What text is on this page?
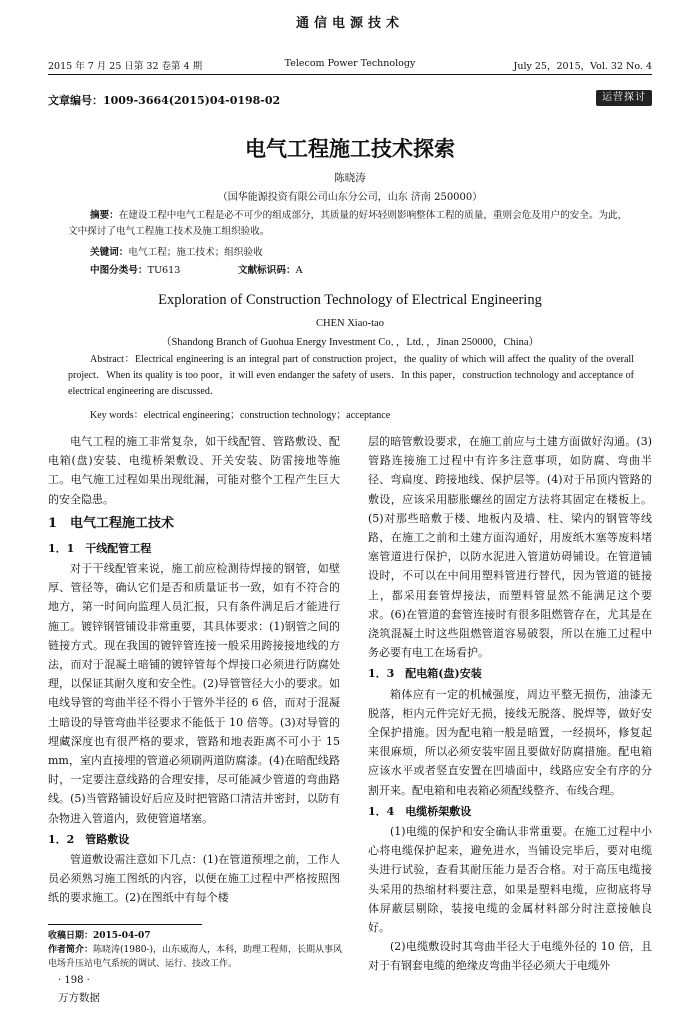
通信电源技术
2015 年 7 月 25 日第 32 卷第 4 期	Telecom Power Technology	July 25，2015，Vol. 32 No. 4
文章编号：1009-3664(2015)04-0198-02	运营探讨
电气工程施工技术探索
陈晓涛
（国华能源投资有限公司山东分公司，山东 济南 250000）
摘要：在建设工程中电气工程是必不可少的组成部分，其质量的好坏轻则影响整体工程的质量，重则会危及用户的安全。为此，文中探讨了电气工程施工技术及施工组织验收。
关键词：电气工程；施工技术；组织验收
中图分类号：TU613	文献标识码：A
Exploration of Construction Technology of Electrical Engineering
CHEN Xiao-tao
（Shandong Branch of Guohua Energy Investment Co．，Ltd．，Jinan 250000，China）
Abstract：Electrical engineering is an integral part of construction project，the quality of which will affect the quality of the overall project．When its quality is too poor，it will even endanger the safety of users．In this paper，construction technology and acceptance of electrical engineering are discussed．
Key words：electrical engineering；construction technology；acceptance

电气工程的施工非常复杂，如干线配管、管路敷设、配电箱(盘)安装、电缆桥架敷设、开关安装、防雷接地等施工。电气施工过程如果出现纰漏，可能对整个工程产生巨大的安全隐患。

1　电气工程施工技术
1．1　干线配管工程

对于干线配管来说，施工前应检测待焊接的钢管，如壁厚、管径等，确认它们是否和质量证书一致，如有不符合的地方，第一时间向监理人员汇报，只有条件满足后才能进行施工。镀锌钢管铺设非常重要，其具体要求：(1)钢管之间的链接方式。现在我国的镀锌管连接一般采用跨接接地线的方法，而对于混凝土暗铺的镀锌管每个焊接口必须进行防腐处理，以保证其耐久度和安全性。(2)导管管径大小的要求。如电线导管的弯曲半径不得小于管外半径的 6 倍，而对于混凝土暗设的导管弯曲半径要求不能低于 10 倍等。(3)对导管的埋藏深度也有很严格的要求，管路和地表距离不可小于 15 mm，室内直接埋的管道必须刷两道防腐漆。(4)在暗配线路时，一定要注意线路的合理安排，尽可能减少管道的弯曲路线。(5)当管路铺设好后应及时把管路口清洁并密封，以防有杂物进入管道内，致使管道堵塞。

1．2　管路敷设

管道敷设需注意如下几点：(1)在管道预埋之前，工作人员必须熟习施工图纸的内容，以便在施工过程中严格按照图纸的要求施工。(2)在图纸中有每个楼

层的暗管敷设要求，在施工前应与土建方面做好沟通。(3)管路连接施工过程中有许多注意事项，如防腐、弯曲半径、弯扁度、跨接地线、保护层等。(4)对于吊顶内管路的敷设，应该采用膨胀螺丝的固定方法将其固定在楼板上。(5)对那些暗敷于楼、地板内及墙、柱、梁内的钢管等线路，在施工之前和土建方面沟通好，用废纸木塞等废料堵塞管道进行保护，以防水泥进入管道妨碍铺设。在管道铺设时，不可以在中间用塑料管进行替代，因为管道的链接上，都采用套管焊接法，而塑料管显然不能满足这个要求。(6)在管道的套管连接时有很多阻燃管存在，尤其是在浇筑混凝土时这些阻燃管道容易破裂，所以在施工过程中务必要有电工在场看护。

1．3　配电箱(盘)安装

箱体应有一定的机械强度，周边平整无损伤，油漆无脱落，柜内元件完好无损，接线无脱落、脱焊等，做好安全保护措施。因为配电箱一般是暗置，一经损坏，修复起来很麻烦，所以必须安装牢固且要做好防腐措施。配电箱应该水平或者竖直安置在凹墙面中，线路应安全有序的分割开来。配电箱和电表箱必须配线整齐、布线合理。

1．4　电缆桥架敷设

(1)电缆的保护和安全确认非常重要。在施工过程中小心将电缆保护起来，避免进水，当铺设完毕后，要对电缆头进行试验，查看其耐压能力是否合格。对于高压电缆接头采用的热缩材料要注意，如果是塑料电缆，应彻底将导体屏蔽层剔除，装接电缆的金属材料部分时注意接触良好。

(2)电缆敷设时其弯曲半径大于电缆外径的 10 倍，且对于有钢套电缆的绝缘皮弯曲半径必须大于电缆外

收稿日期：2015-04-07
作者简介：陈晓涛(1980-)，山东威海人，本科，助理工程师，长期从事风电场升压站电气系统的调试、运行、技改工作。
· 198 ·
万方数据
